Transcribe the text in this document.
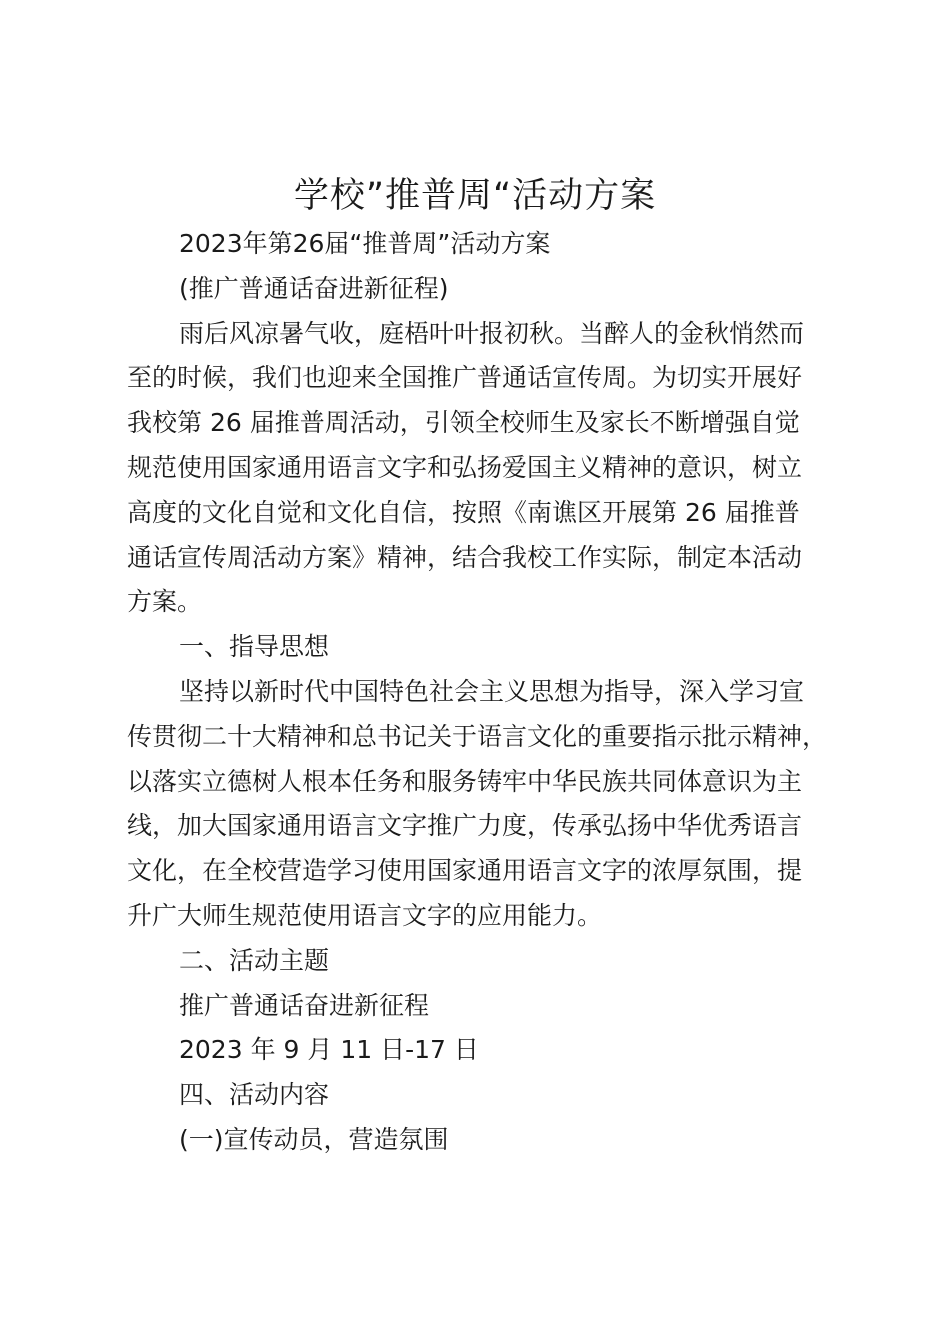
学校”推普周“活动方案

2023年第26届“推普周”活动方案

(推广普通话奋进新征程)

雨后风凉暑气收，庭梧叶叶报初秋。当醉人的金秋悄然而

至的时候，我们也迎来全国推广普通话宣传周。为切实开展好

我校第 26 届推普周活动，引领全校师生及家长不断增强自觉

规范使用国家通用语言文字和弘扬爱国主义精神的意识，树立

高度的文化自觉和文化自信，按照《南谯区开展第 26 届推普

通话宣传周活动方案》精神，结合我校工作实际，制定本活动

方案。

一、指导思想

坚持以新时代中国特色社会主义思想为指导，深入学习宣

传贯彻二十大精神和总书记关于语言文化的重要指示批示精神，

以落实立德树人根本任务和服务铸牢中华民族共同体意识为主

线，加大国家通用语言文字推广力度，传承弘扬中华优秀语言

文化，在全校营造学习使用国家通用语言文字的浓厚氛围，提

升广大师生规范使用语言文字的应用能力。

二、活动主题

推广普通话奋进新征程

2023 年 9 月 11 日-17 日

四、活动内容

(一)宣传动员，营造氛围
